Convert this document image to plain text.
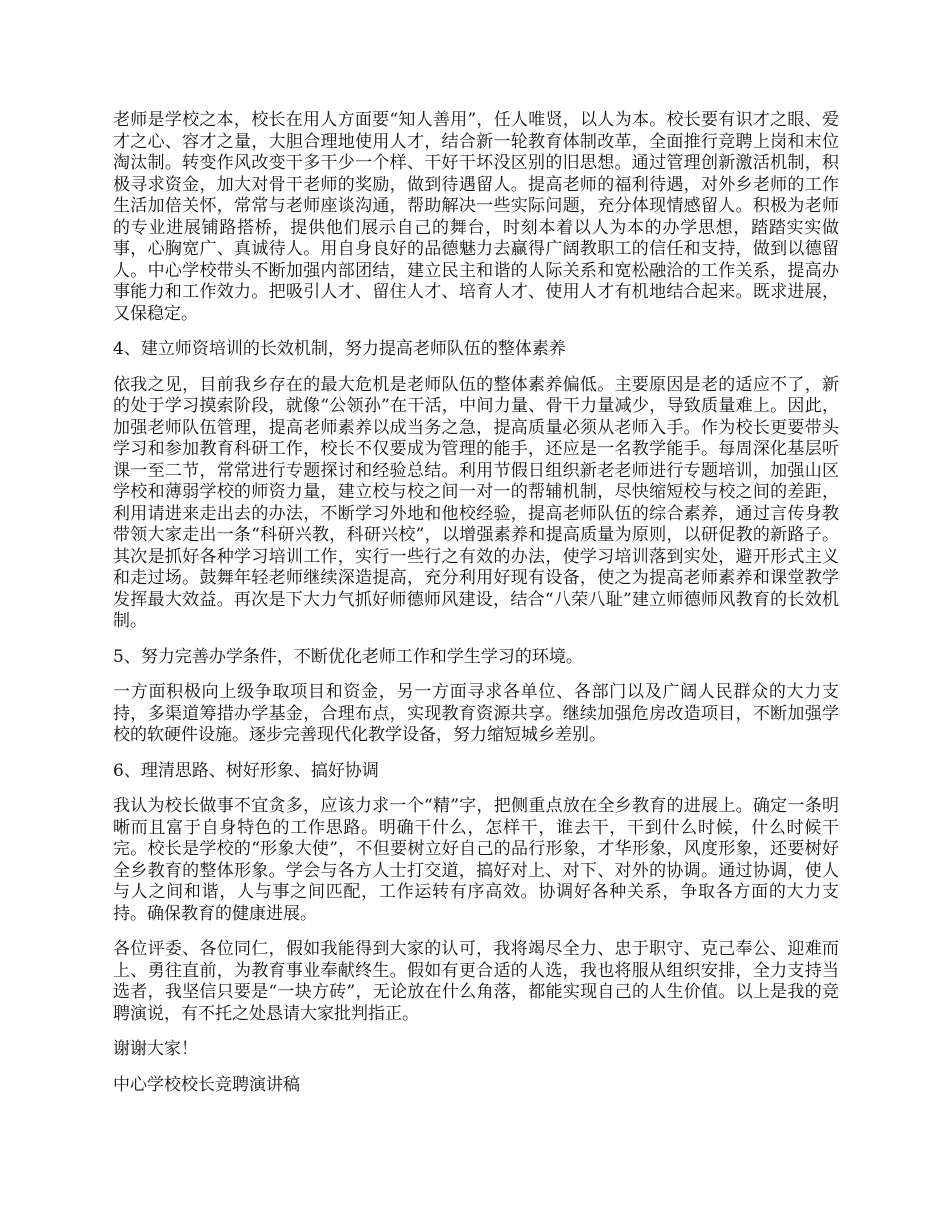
老师是学校之本，校长在用人方面要“知人善用”，任人唯贤，以人为本。校长要有识才之眼、爱才之心、容才之量，大胆合理地使用人才，结合新一轮教育体制改革，全面推行竞聘上岗和末位淘汰制。转变作风改变干多干少一个样、干好干坏没区别的旧思想。通过管理创新激活机制，积极寻求资金，加大对骨干老师的奖励，做到待遇留人。提高老师的福利待遇，对外乡老师的工作生活加倍关怀，常常与老师座谈沟通，帮助解决一些实际问题，充分体现情感留人。积极为老师的专业进展铺路搭桥，提供他们展示自己的舞台，时刻本着以人为本的办学思想，踏踏实实做事，心胸宽广、真诚待人。用自身良好的品德魅力去赢得广阔教职工的信任和支持，做到以德留人。中心学校带头不断加强内部团结，建立民主和谐的人际关系和宽松融洽的工作关系，提高办事能力和工作效力。把吸引人才、留住人才、培育人才、使用人才有机地结合起来。既求进展，又保稳定。

4、建立师资培训的长效机制，努力提高老师队伍的整体素养

依我之见，目前我乡存在的最大危机是老师队伍的整体素养偏低。主要原因是老的适应不了，新的处于学习摸索阶段，就像“公领孙”在干活，中间力量、骨干力量减少，导致质量难上。因此，加强老师队伍管理，提高老师素养以成当务之急，提高质量必须从老师入手。作为校长更要带头学习和参加教育科研工作，校长不仅要成为管理的能手，还应是一名教学能手。每周深化基层听课一至二节，常常进行专题探讨和经验总结。利用节假日组织新老老师进行专题培训，加强山区学校和薄弱学校的师资力量，建立校与校之间一对一的帮辅机制，尽快缩短校与校之间的差距，利用请进来走出去的办法，不断学习外地和他校经验，提高老师队伍的综合素养，通过言传身教带领大家走出一条“科研兴教，科研兴校”，以增强素养和提高质量为原则，以研促教的新路子。其次是抓好各种学习培训工作，实行一些行之有效的办法，使学习培训落到实处，避开形式主义和走过场。鼓舞年轻老师继续深造提高，充分利用好现有设备，使之为提高老师素养和课堂教学发挥最大效益。再次是下大力气抓好师德师风建设，结合“八荣八耻”建立师德师风教育的长效机制。

5、努力完善办学条件，不断优化老师工作和学生学习的环境。

一方面积极向上级争取项目和资金，另一方面寻求各单位、各部门以及广阔人民群众的大力支持，多渠道筹措办学基金，合理布点，实现教育资源共享。继续加强危房改造项目，不断加强学校的软硬件设施。逐步完善现代化教学设备，努力缩短城乡差别。

6、理清思路、树好形象、搞好协调

我认为校长做事不宜贪多，应该力求一个“精”字，把侧重点放在全乡教育的进展上。确定一条明晰而且富于自身特色的工作思路。明确干什么，怎样干，谁去干，干到什么时候，什么时候干完。校长是学校的“形象大使”，不但要树立好自己的品行形象，才华形象，风度形象，还要树好全乡教育的整体形象。学会与各方人士打交道，搞好对上、对下、对外的协调。通过协调，使人与人之间和谐，人与事之间匹配，工作运转有序高效。协调好各种关系，争取各方面的大力支持。确保教育的健康进展。

各位评委、各位同仁，假如我能得到大家的认可，我将竭尽全力、忠于职守、克己奉公、迎难而上、勇往直前，为教育事业奉献终生。假如有更合适的人选，我也将服从组织安排，全力支持当选者，我坚信只要是“一块方砖”，无论放在什么角落，都能实现自己的人生价值。以上是我的竞聘演说，有不托之处恳请大家批判指正。

谢谢大家！

中心学校校长竞聘演讲稿
